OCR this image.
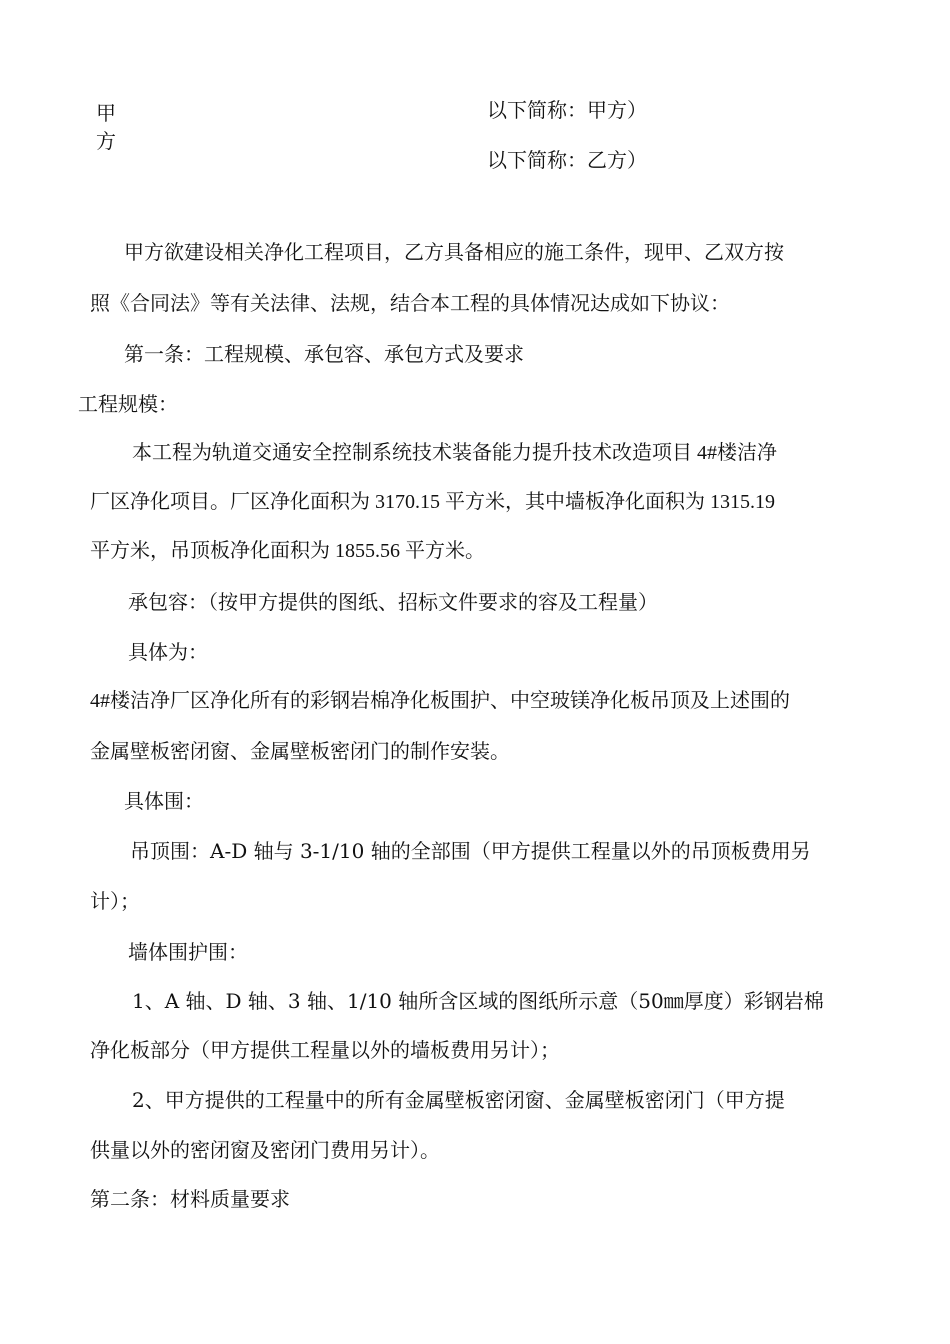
甲
方
以下简称：甲方）
以下简称：乙方）
甲方欲建设相关净化工程项目，乙方具备相应的施工条件，现甲、乙双方按
照《合同法》等有关法律、法规，结合本工程的具体情况达成如下协议：
第一条：工程规模、承包容、承包方式及要求
工程规模：
本工程为轨道交通安全控制系统技术装备能力提升技术改造项目 4#楼洁净
厂区净化项目。厂区净化面积为 3170.15 平方米，其中墙板净化面积为 1315.19
平方米，吊顶板净化面积为 1855.56 平方米。
承包容：（按甲方提供的图纸、招标文件要求的容及工程量）
具体为：
4#楼洁净厂区净化所有的彩钢岩棉净化板围护、中空玻镁净化板吊顶及上述围的
金属壁板密闭窗、金属壁板密闭门的制作安装。
具体围：
吊顶围：A-D 轴与 3-1/10 轴的全部围（甲方提供工程量以外的吊顶板费用另
计）；
墙体围护围：
1、A 轴、D 轴、3 轴、1/10 轴所含区域的图纸所示意（50㎜厚度）彩钢岩棉
净化板部分（甲方提供工程量以外的墙板费用另计）；
2、甲方提供的工程量中的所有金属壁板密闭窗、金属壁板密闭门（甲方提
供量以外的密闭窗及密闭门费用另计）。
第二条：材料质量要求
